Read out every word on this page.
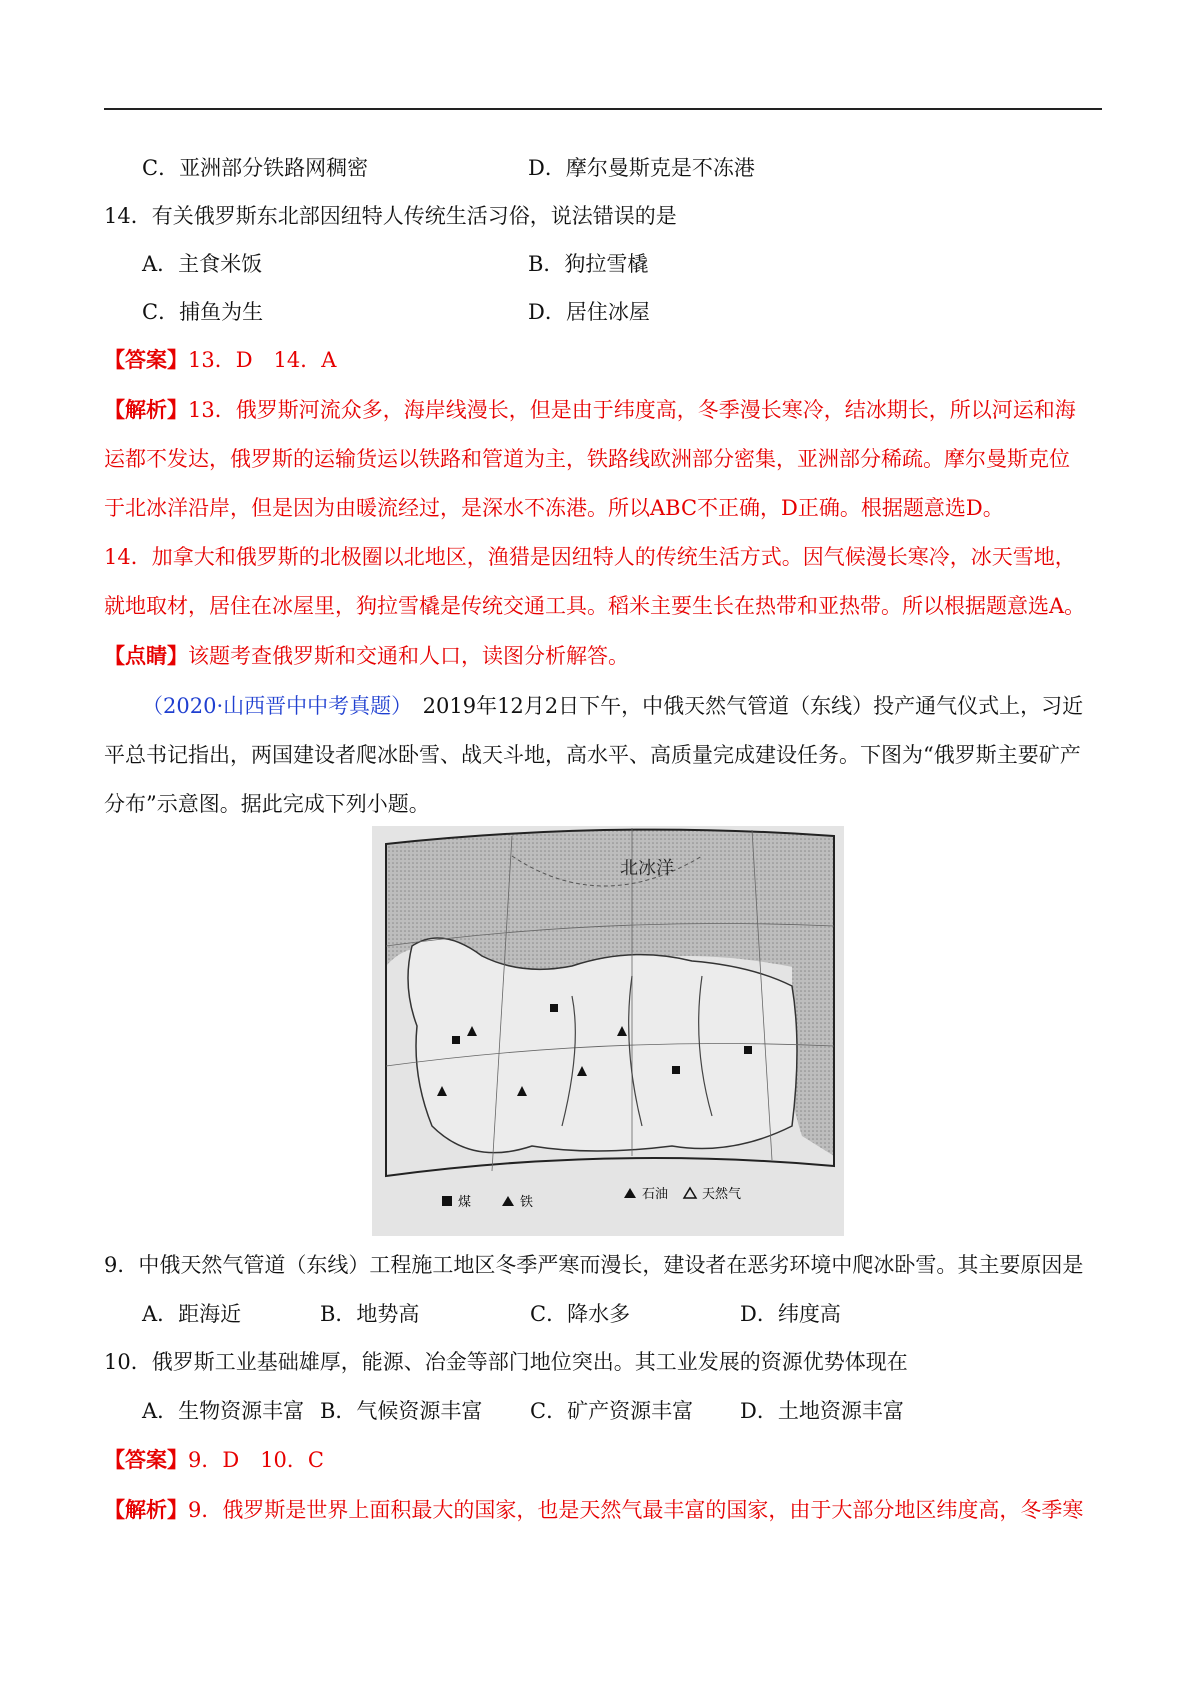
C．亚洲部分铁路网稠密	D．摩尔曼斯克是不冻港
14．有关俄罗斯东北部因纽特人传统生活习俗，说法错误的是
A．主食米饭	B．狗拉雪橇
C．捕鱼为生	D．居住冰屋
【答案】13．D　14．A
【解析】13．俄罗斯河流众多，海岸线漫长，但是由于纬度高，冬季漫长寒冷，结冰期长，所以河运和海
运都不发达，俄罗斯的运输货运以铁路和管道为主，铁路线欧洲部分密集，亚洲部分稀疏。摩尔曼斯克位
于北冰洋沿岸，但是因为由暖流经过，是深水不冻港。所以ABC不正确，D正确。根据题意选D。
14．加拿大和俄罗斯的北极圈以北地区，渔猎是因纽特人的传统生活方式。因气候漫长寒冷，冰天雪地，
就地取材，居住在冰屋里，狗拉雪橇是传统交通工具。稻米主要生长在热带和亚热带。所以根据题意选A。
【点睛】该题考查俄罗斯和交通和人口，读图分析解答。
（2020·山西晋中中考真题）　2019年12月2日下午，中俄天然气管道（东线）投产通气仪式上，习近
平总书记指出，两国建设者爬冰卧雪、战天斗地，高水平、高质量完成建设任务。下图为“俄罗斯主要矿产
分布”示意图。据此完成下列小题。
北冰洋
煤	铁
石油	天然气
9．中俄天然气管道（东线）工程施工地区冬季严寒而漫长，建设者在恶劣环境中爬冰卧雪。其主要原因是
A．距海近	B．地势高	C．降水多	D．纬度高
10．俄罗斯工业基础雄厚，能源、冶金等部门地位突出。其工业发展的资源优势体现在
A．生物资源丰富 B．气候资源丰富 C．矿产资源丰富 D．土地资源丰富
【答案】9．D　10．C
【解析】9．俄罗斯是世界上面积最大的国家，也是天然气最丰富的国家，由于大部分地区纬度高，冬季寒
